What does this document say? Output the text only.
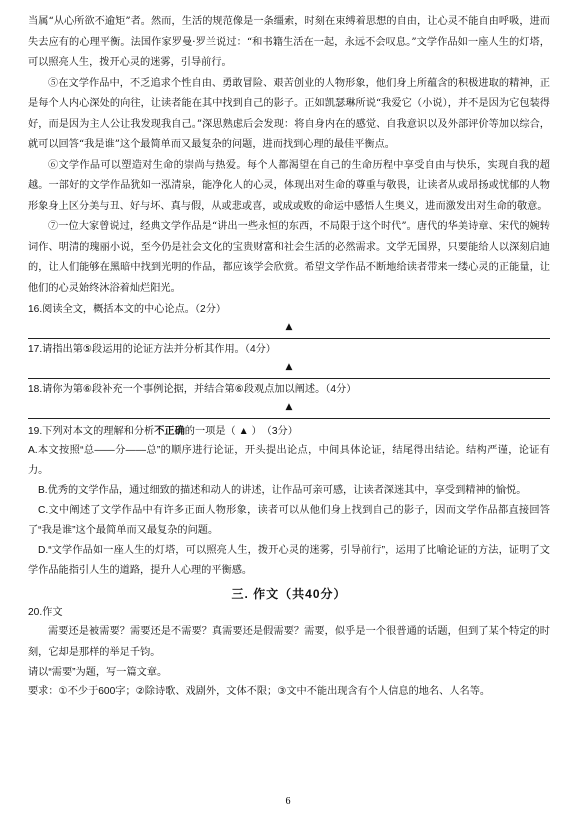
当属“从心所欲不逾矩”者。然而，生活的规范像是一条缰索，时刻在束缚着思想的自由，让心灵不能自由呼吸，进而失去应有的心理平衡。法国作家罗曼·罗兰说过：“和书籍生活在一起，永远不会叹息。”文学作品如一座人生的灯塔，可以照亮人生，拨开心灵的迷雾，引导前行。

⑤在文学作品中，不乏追求个性自由、勇敢冒险、艰苦创业的人物形象，他们身上所蕴含的积极进取的精神，正是每个人内心深处的向往，让读者能在其中找到自己的影子。正如凯瑟琳所说“我爱它（小说），并不是因为它包装得好，而是因为主人公让我发现我自己。”深思熟虑后会发现：将自身内在的感觉、自我意识以及外部评价等加以综合，就可以回答“我是谁”这个最简单而又最复杂的问题，进而找到心理的最佳平衡点。

⑥文学作品可以塑造对生命的崇尚与热爱。每个人都渴望在自己的生命历程中享受自由与快乐，实现自我的超越。一部好的文学作品犹如一泓清泉，能净化人的心灵，体现出对生命的尊重与敬畏，让读者从或昂扬或忧郁的人物形象身上区分美与丑、好与坏、真与假，从或悲或喜，或成或败的命运中感悟人生奥义，进而激发出对生命的敬意。

⑦一位大家曾说过，经典文学作品是“讲出一些永恒的东西，不局限于这个时代”。唐代的华美诗章、宋代的婉转词作、明清的瑰丽小说，至今仍是社会文化的宝贵财富和社会生活的必然需求。文学无国界，只要能给人以深刻启迪的，让人们能够在黑暗中找到光明的作品，都应该学会欣赏。希望文学作品不断地给读者带来一缕心灵的正能量，让他们的心灵始终沐浴着灿烂阳光。

16.阅读全文，概括本文的中心论点。（2分）

▲

17.请指出第⑤段运用的论证方法并分析其作用。（4分）

▲

18.请你为第⑥段补充一个事例论据，并结合第⑥段观点加以阐述。（4分）

▲

19.下列对本文的理解和分析不正确的一项是（ ▲ ）　（3分）

A.本文按照“总——分——总”的顺序进行论证，开头提出论点，中间具体论证，结尾得出结论。结构严谨，论证有力。

B.优秀的文学作品，通过细致的描述和动人的讲述，让作品可亲可感，让读者深迷其中，享受到精神的愉悦。

C.文中阐述了文学作品中有许多正面人物形象，读者可以从他们身上找到自己的影子，因而文学作品都直接回答了“我是谁”这个最简单而又最复杂的问题。

D.“文学作品如一座人生的灯塔，可以照亮人生，拨开心灵的迷雾，引导前行”，运用了比喻论证的方法，证明了文学作品能指引人生的道路，提升人心理的平衡感。

三. 作文（共40分）

20.作文

需要还是被需要？需要还是不需要？真需要还是假需要？需要，似乎是一个很普通的话题，但到了某个特定的时刻，它却是那样的举足千钧。

请以“需要”为题，写一篇文章。

要求：①不少于600字；②除诗歌、戏剧外，文体不限；③文中不能出现含有个人信息的地名、人名等。

6
